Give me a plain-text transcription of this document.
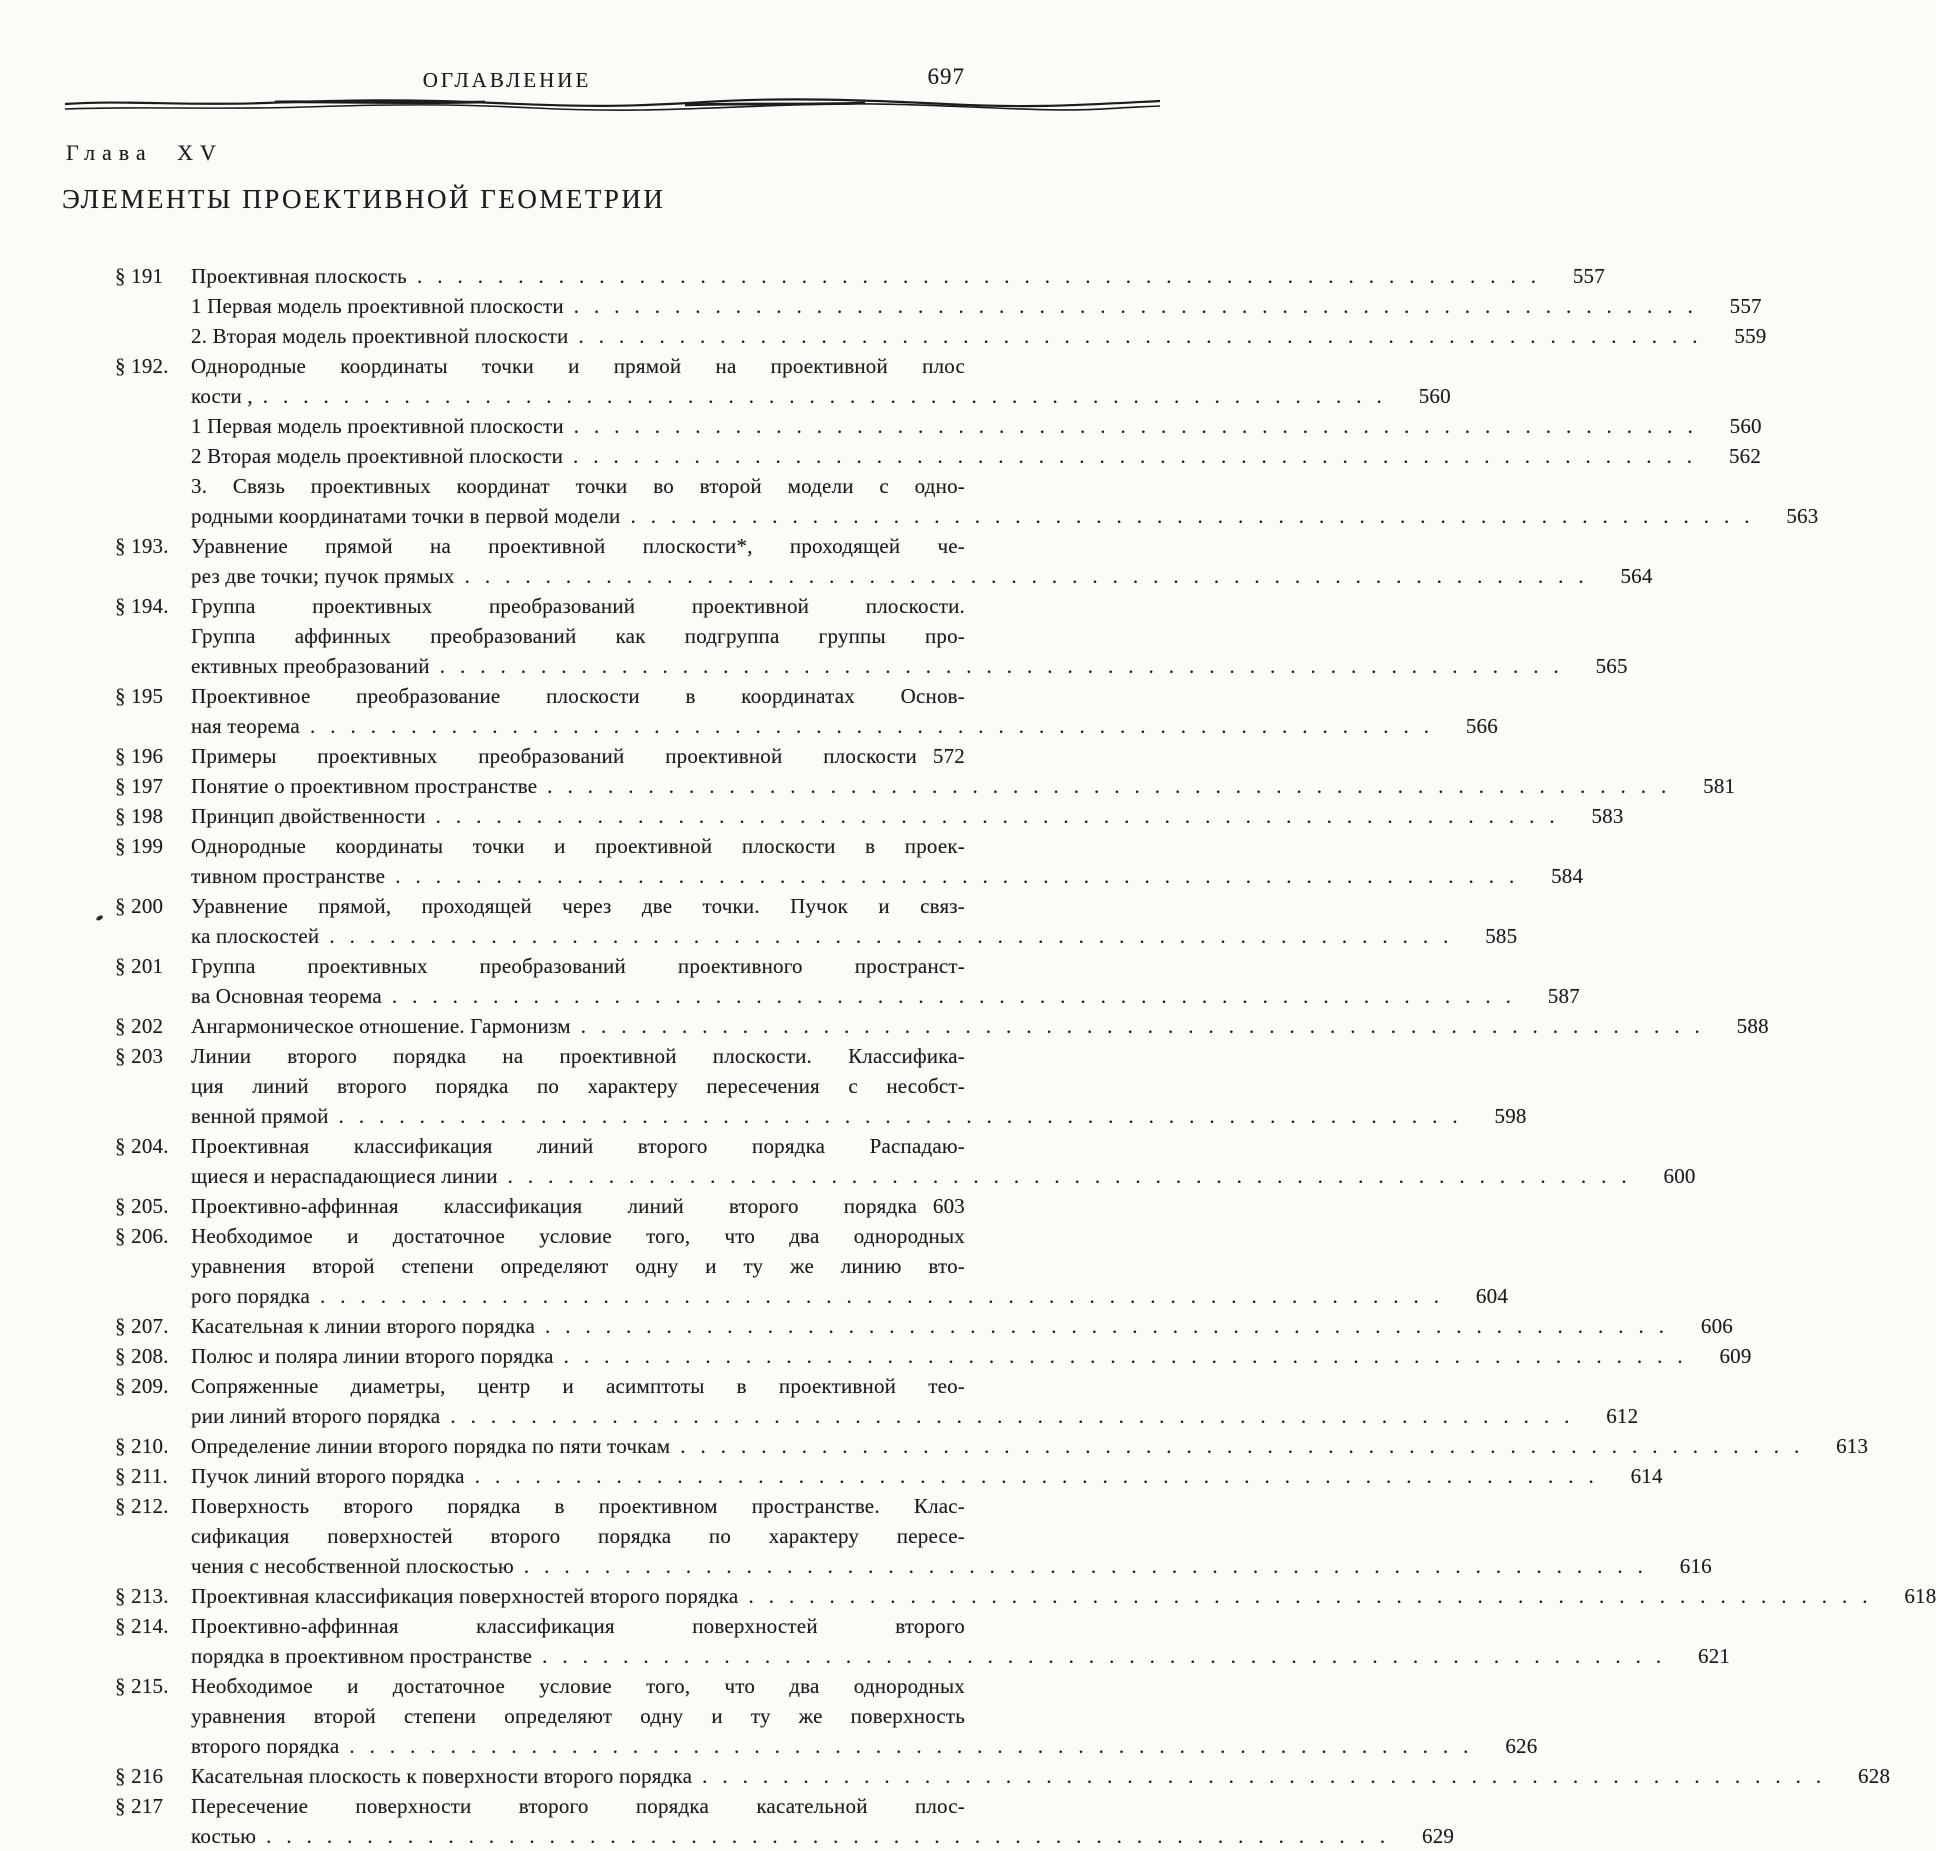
ОГЛАВЛЕНИЕ	697
Глава XV
ЭЛЕМЕНТЫ ПРОЕКТИВНОЙ ГЕОМЕТРИИ
§ 191	Проективная плоскость .....	557
1 Первая модель проективной плоскости .....	557
2. Вторая модель проективной плоскости .....	559
§ 192.	Однородные координаты точки и прямой на проективной плос
кости , .....	560
1 Первая модель проективной плоскости .....	560
2 Вторая модель проективной плоскости .....	562
3. Связь проективных координат точки во второй модели с одно-
родными координатами точки в первой модели .....	563
§ 193.	Уравнение прямой на проективной плоскости*, проходящей че-
рез две точки; пучок прямых .....	564
§ 194.	Группа проективных преобразований проективной плоскости.
Группа аффинных преобразований как подгруппа группы про-
ективных преобразований .....	565
§ 195	Проективное преобразование плоскости в координатах Основ-
ная теорема .....	566
§ 196	Примеры проективных преобразований проективной плоскости 572
§ 197	Понятие о проективном пространстве .....	581
§ 198	Принцип двойственности .....	583
§ 199	Однородные координаты точки и проективной плоскости в проек-
тивном пространстве .....	584
§ 200	Уравнение прямой, проходящей через две точки. Пучок и связ-
ка плоскостей .....	585
§ 201	Группа проективных преобразований проективного пространст-
ва Основная теорема .....	587
§ 202	Ангармоническое отношение. Гармонизм .....	588
§ 203	Линии второго порядка на проективной плоскости. Классифика-
ция линий второго порядка по характеру пересечения с несобст-
венной прямой .....	598
§ 204.	Проективная классификация линий второго порядка Распадаю-
щиеся и нераспадающиеся линии .....	600
§ 205.	Проективно-аффинная классификация линий второго порядка 603
§ 206.	Необходимое и достаточное условие того, что два однородных
уравнения второй степени определяют одну и ту же линию вто-
рого порядка .....	604
§ 207.	Касательная к линии второго порядка .....	606
§ 208.	Полюс и поляра линии второго порядка .....	609
§ 209.	Сопряженные диаметры, центр и асимптоты в проективной тео-
рии линий второго порядка .....	612
§ 210.	Определение линии второго порядка по пяти точкам .....	613
§ 211.	Пучок линий второго порядка .....	614
§ 212.	Поверхность второго порядка в проективном пространстве. Клас-
сификация поверхностей второго порядка по характеру пересе-
чения с несобственной плоскостью .....	616
§ 213.	Проективная классификация поверхностей второго порядка .....	618
§ 214.	Проективно-аффинная классификация поверхностей второго
порядка в проективном пространстве .....	621
§ 215.	Необходимое и достаточное условие того, что два однородных
уравнения второй степени определяют одну и ту же поверхность
второго порядка .....	626
§ 216	Касательная плоскость к поверхности второго порядка .....	628
§ 217	Пересечение поверхности второго порядка касательной плос-
костью .....	629
